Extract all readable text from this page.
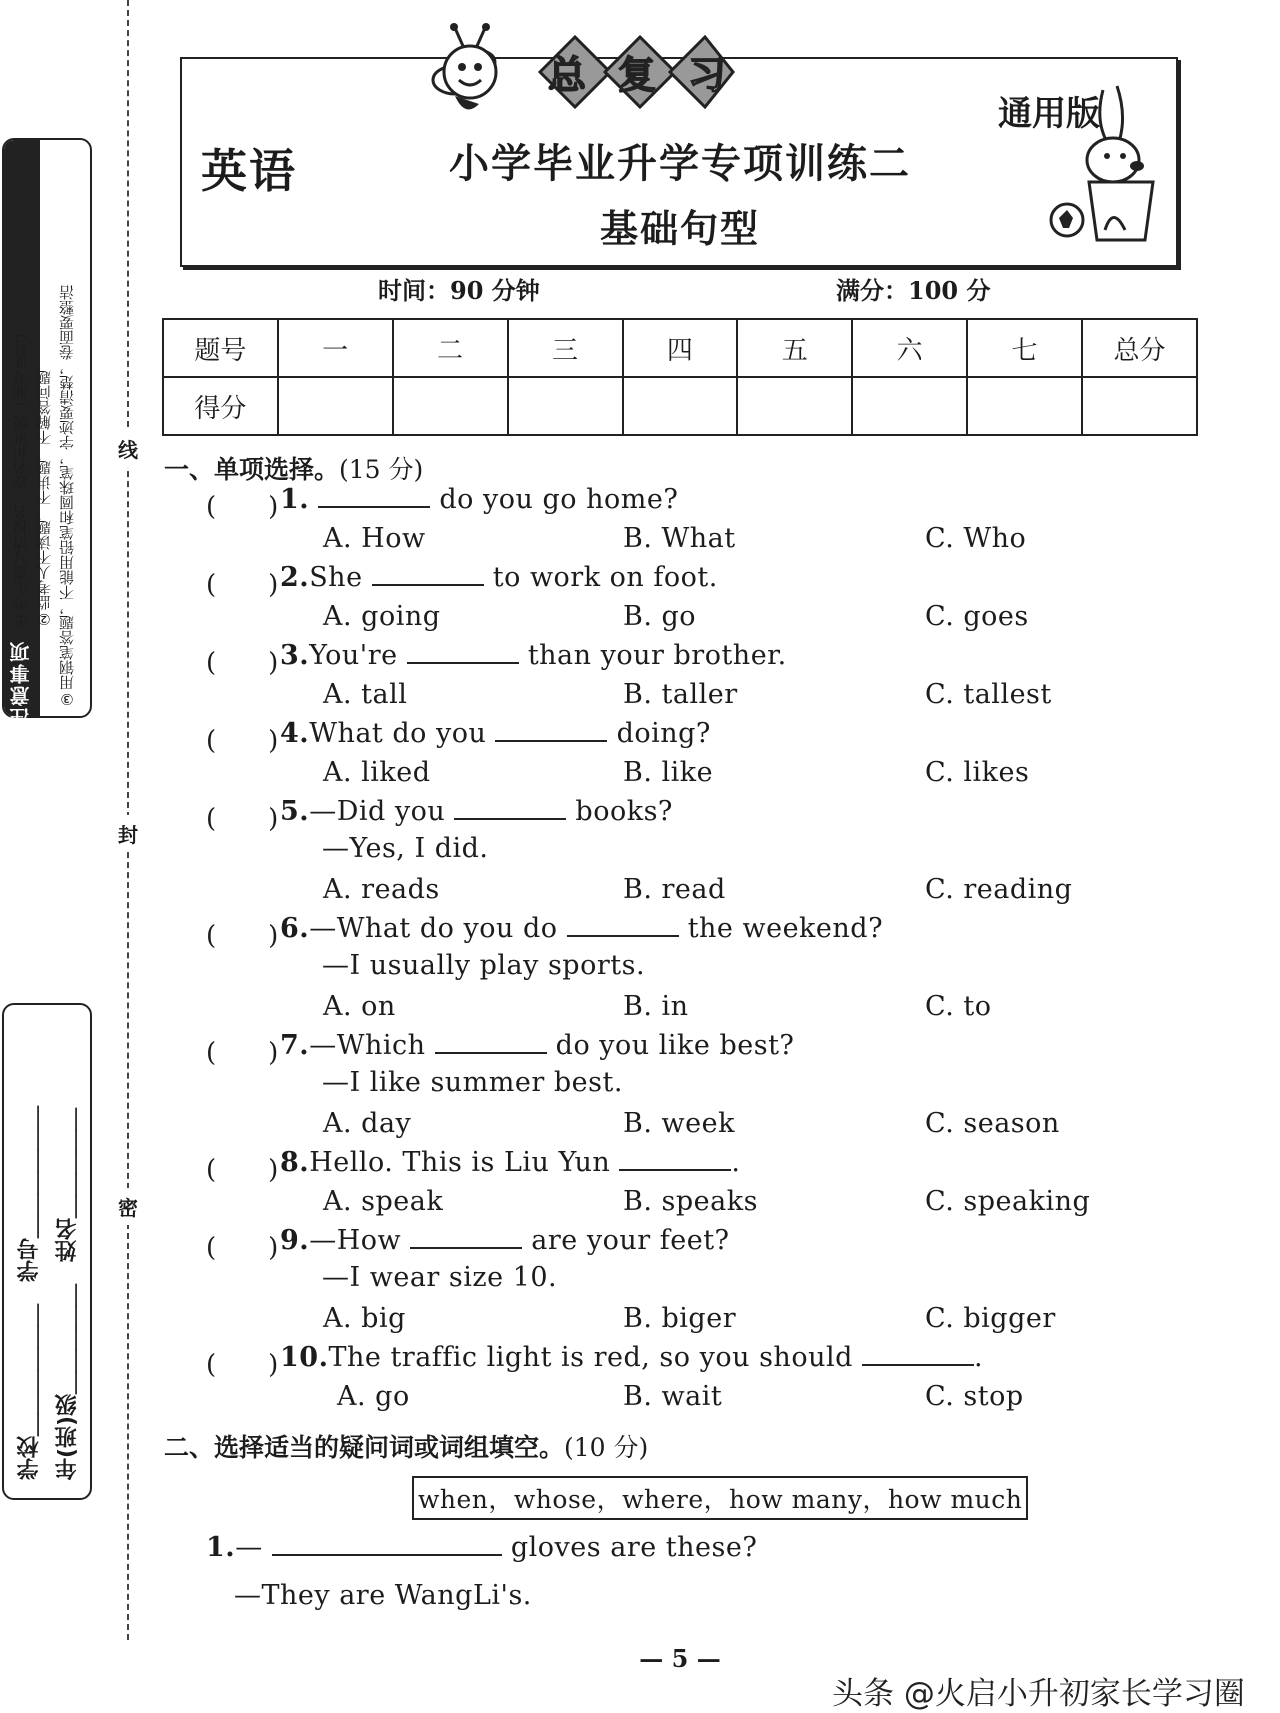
注意事项
①考生要写清校名、姓名和班级（准考证号） ②监考人不读题、不讲题、不解答问题 ③用钢笔答题，不能用铅笔和圆珠笔，字迹要清楚，卷面要整洁
学校＿＿＿＿＿＿　学号＿＿＿＿＿＿ 年(班)级＿＿＿＿＿　姓名＿＿＿＿＿
线
封
密
总复习
英语	小学毕业升学专项训练二
基础句型
通用版
时间：90 分钟	满分：100 分
题号	一	二	三	四	五	六	七	总分
得分								
一、单项选择。(15 分)
(　　) 1.	do you go home?
A. How	B. What	C. Who
(　　) 2.She	to work on foot.
A. going	B. go	C. goes
(　　) 3.You're	than your brother.
A. tall	B. taller	C. tallest
(　　) 4.What do you	doing?
A. liked	B. like	C. likes
(　　) 5.—Did you	books?
—Yes, I did.
A. reads	B. read	C. reading
(　　) 6.—What do you do	the weekend?
—I usually play sports.
A. on	B. in	C. to
(　　) 7.—Which	do you like best?
—I like summer best.
A. day	B. week	C. season
(　　) 8.Hello. This is Liu Yun	.
A. speak	B. speaks	C. speaking
(　　) 9.—How	are your feet?
—I wear size 10.
A. big	B. biger	C. bigger
(　　) 10.The traffic light is red, so you should	.
A. go	B. wait	C. stop
二、选择适当的疑问词或词组填空。(10 分)
when，whose，where，how many，how much
1.—	gloves are these?
—They are WangLi's.
— 5 —
头条 @火启小升初家长学习圈
